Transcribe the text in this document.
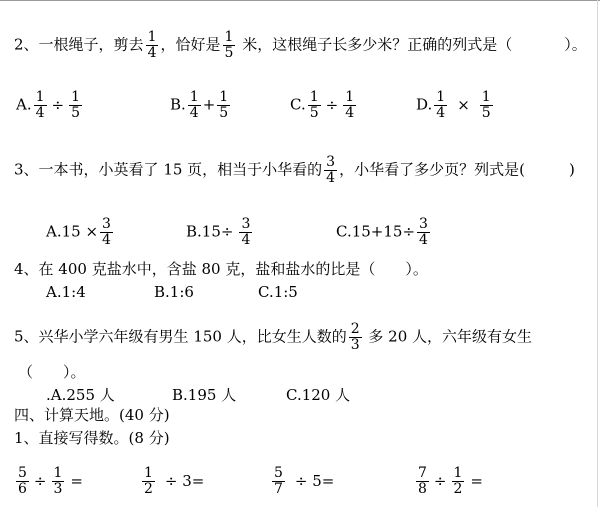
2、一根绳子，剪去 $\frac{1}{4}$ ，恰好是 $\frac{1}{5}$ 米，这根绳子长多少米？正确的列式是（	）。
A. $\frac{1}{4} \div \frac{1}{5}$	B. $\frac{1}{4} + \frac{1}{5}$	C. $\frac{1}{5} \div \frac{1}{4}$	D. $\frac{1}{4} \times \frac{1}{5}$
3、一本书，小英看了 15 页，相当于小华看的 $\frac{3}{4}$ ，小华看了多少页？列式是(	)
$A.15 \times \frac{3}{4}$	$B.15\div \frac{3}{4}$	$C.15+15\div \frac{3}{4}$
4、在 400 克盐水中，含盐 80 克，盐和盐水的比是（　　）。
A.1:4	B.1:6	C.1:5
5、兴华小学六年级有男生 150 人，比女生人数的 $\frac{2}{3}$ 多 20 人，六年级有女生
（　　）。
.A.255 人	B.195 人	C.120 人
四、计算天地。(40 分)
1、直接写得数。(8 分)
$\frac{5}{6} \div \frac{1}{3}$ =	$\frac{1}{2} \div 3=$	$\frac{5}{7} \div 5=$	$\frac{7}{8} \div \frac{1}{2}$ =
